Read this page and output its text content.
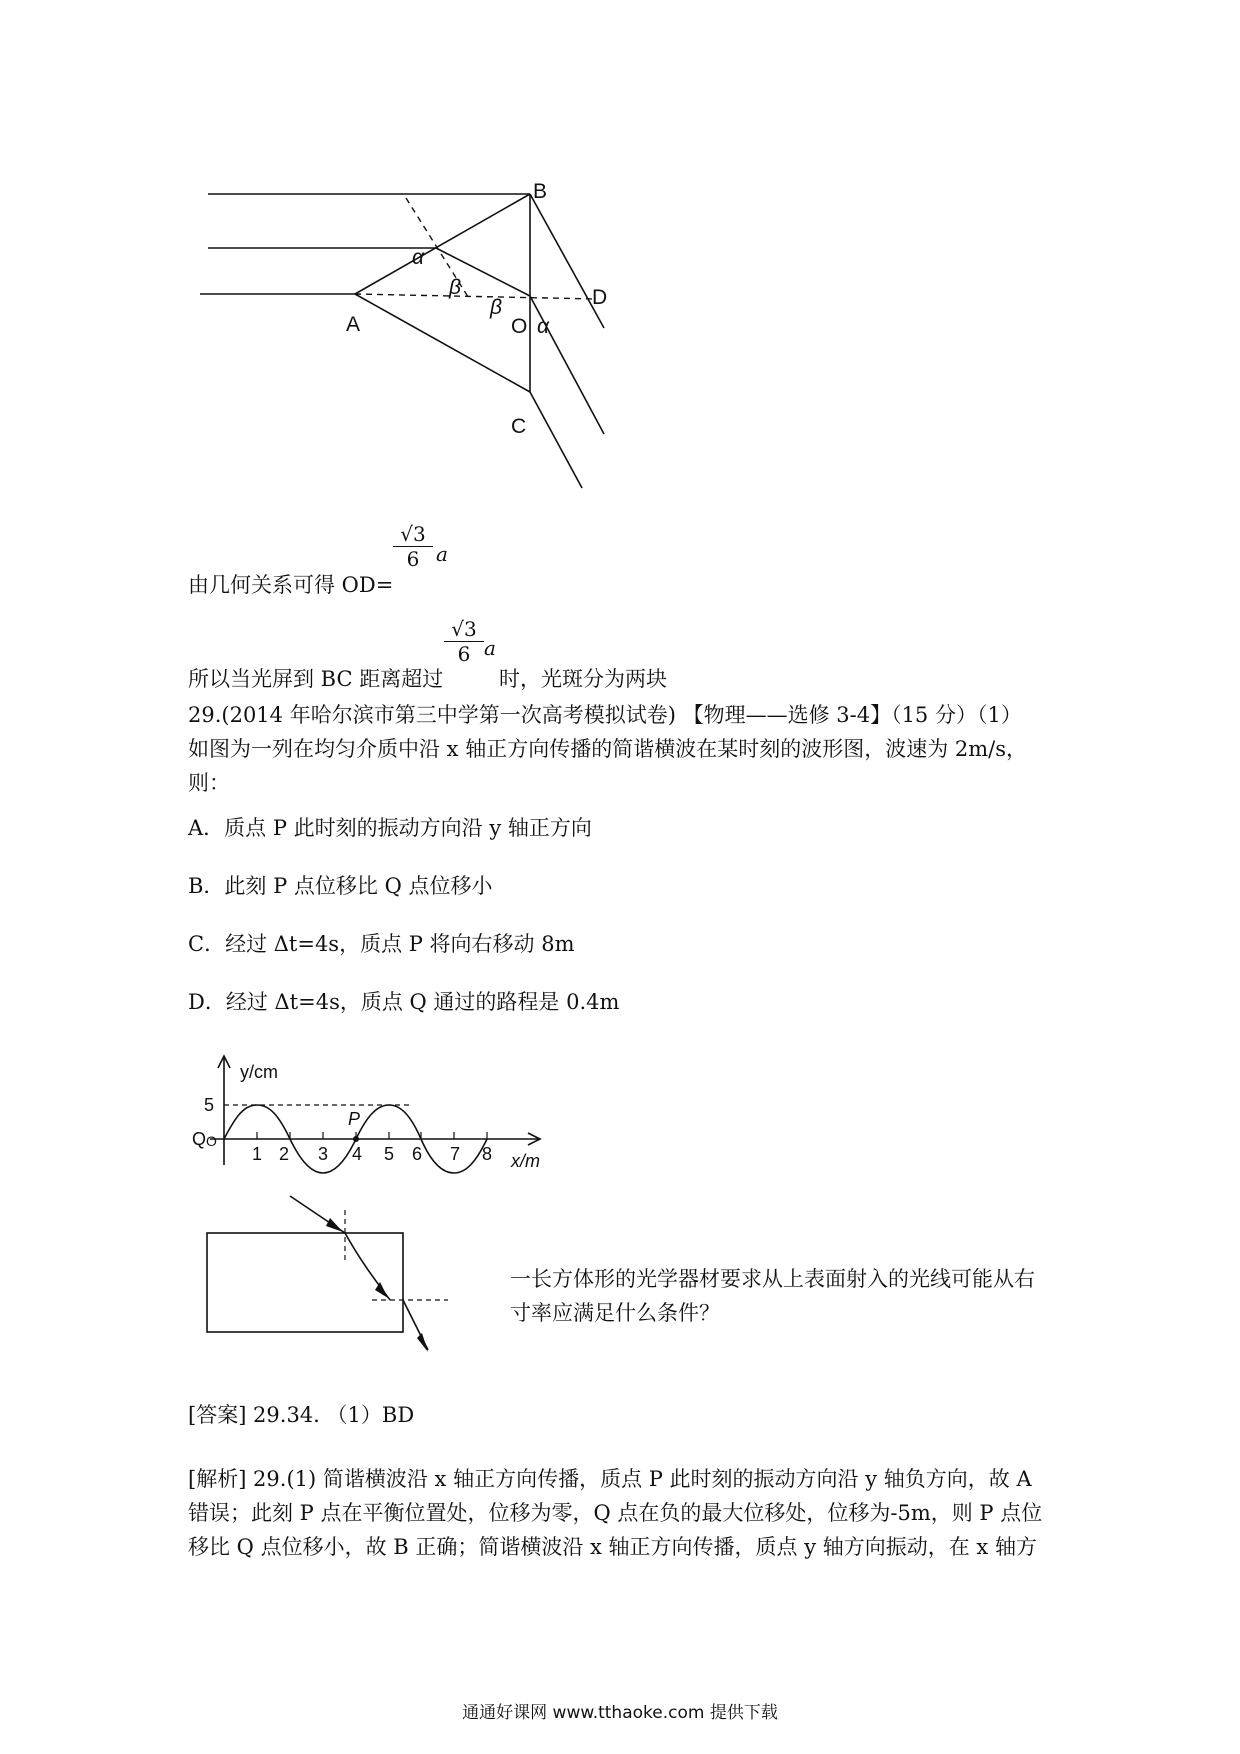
B
A
C
D
O
α
α
β
β
由几何关系可得 OD=
$\frac{√3}{6}$ a
所以当光屏到 BC 距离超过
$\frac{√3}{6}$ a
时，光斑分为两块
29.(2014 年哈尔滨市第三中学第一次高考模拟试卷) 【物理——选修 3-4】（15 分）（1）
如图为一列在均匀介质中沿 x 轴正方向传播的简谐横波在某时刻的波形图，波速为 2m/s，
则：
A．质点 P 此时刻的振动方向沿 y 轴正方向
B．此刻 P 点位移比 Q 点位移小
C．经过 Δt=4s，质点 P 将向右移动 8m
D．经过 Δt=4s，质点 Q 通过的路程是 0.4m
y/cm
x/m
5
Q O
P
1 2 3 4 5 6 7 8
一长方体形的光学器材要求从上表面射入的光线可能从右
寸率应满足什么条件？
[答案] 29.34. （1）BD
[解析] 29.(1) 简谐横波沿 x 轴正方向传播，质点 P 此时刻的振动方向沿 y 轴负方向，故 A
错误；此刻 P 点在平衡位置处，位移为零，Q 点在负的最大位移处，位移为-5m，则 P 点位
移比 Q 点位移小，故 B 正确；简谐横波沿 x 轴正方向传播，质点 y 轴方向振动，在 x 轴方
通通好课网 www.tthaoke.com 提供下载
